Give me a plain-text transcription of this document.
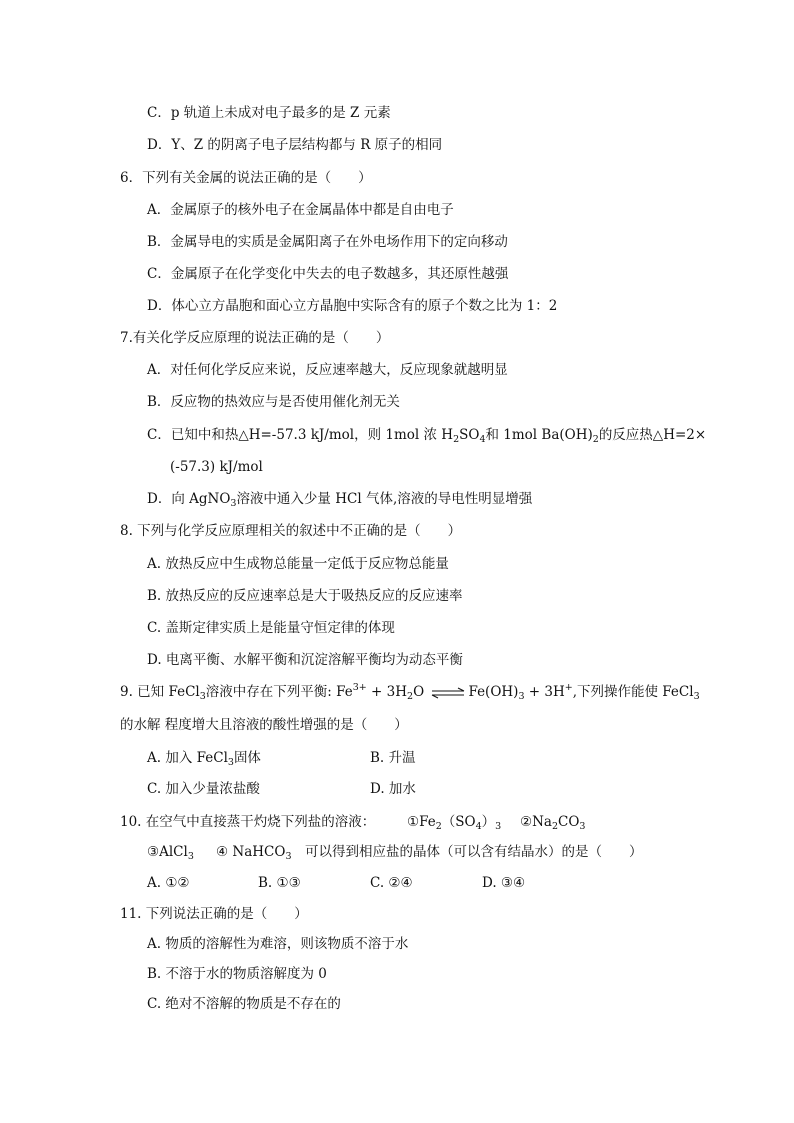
C．p 轨道上未成对电子最多的是 Z 元素
D．Y、Z 的阴离子电子层结构都与 R 原子的相同
6．下列有关金属的说法正确的是（　　）
A．金属原子的核外电子在金属晶体中都是自由电子
B．金属导电的实质是金属阳离子在外电场作用下的定向移动
C．金属原子在化学变化中失去的电子数越多，其还原性越强
D．体心立方晶胞和面心立方晶胞中实际含有的原子个数之比为 1：2
7.有关化学反应原理的说法正确的是（　　）
A．对任何化学反应来说，反应速率越大，反应现象就越明显
B．反应物的热效应与是否使用催化剂无关
C．已知中和热△H=-57.3 kJ/mol，则 1mol 浓 $H_2SO_4$和 1mol $Ba(OH)_2$的反应热△H=2×
(-57.3) kJ/mol
D．向 AgNO$_3$溶液中通入少量 HCl 气体,溶液的导电性明显增强
8. 下列与化学反应原理相关的叙述中不正确的是（　　）
A. 放热反应中生成物总能量一定低于反应物总能量
B. 放热反应的反应速率总是大于吸热反应的反应速率
C. 盖斯定律实质上是能量守恒定律的体现
D. 电离平衡、水解平衡和沉淀溶解平衡均为动态平衡
9. 已知 FeCl$_3$溶液中存在下列平衡: $Fe^{3+} + 3H_2O$ ⇌ $Fe(OH)_3 + 3H^+$,下列操作能使 FeCl$_3$
的水解 程度增大且溶液的酸性增强的是（　　）
A. 加入 FeCl$_3$固体	B. 升温
C. 加入少量浓盐酸	D. 加水
10. 在空气中直接蒸干灼烧下列盐的溶液： $①Fe_2(SO_4)_3$ $②Na_2CO_3$
③AlCl$_3$ ④ NaHCO$_3$ 可以得到相应盐的晶体（可以含有结晶水）的是（　　）
A. ①②	B. ①③	C. ②④	D. ③④
11. 下列说法正确的是（　　）
A. 物质的溶解性为难溶，则该物质不溶于水
B. 不溶于水的物质溶解度为 0
C. 绝对不溶解的物质是不存在的
